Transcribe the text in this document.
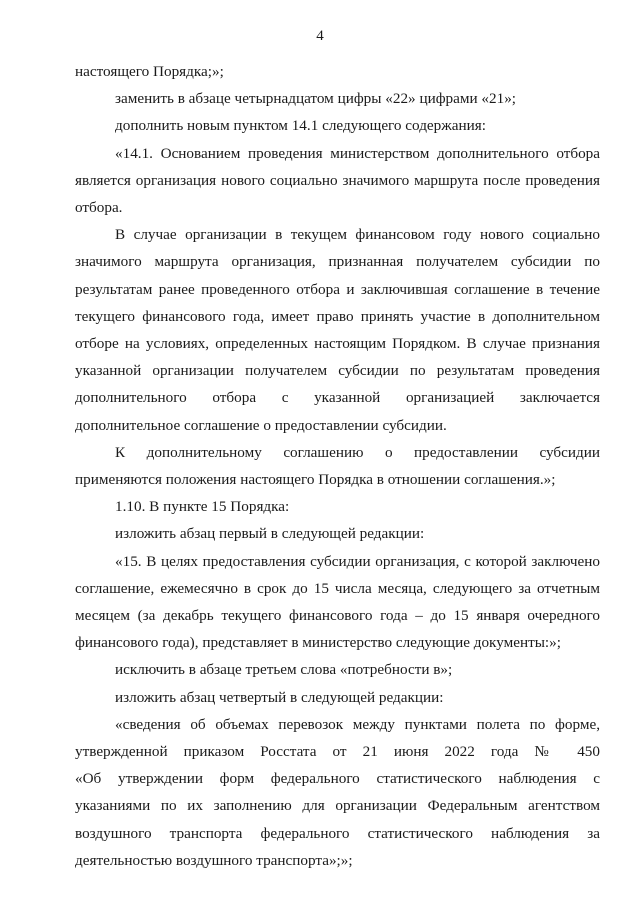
4

настоящего Порядка;»;

заменить в абзаце четырнадцатом цифры «22» цифрами «21»;

дополнить новым пунктом 14.1 следующего содержания:

«14.1. Основанием проведения министерством дополнительного отбора

является организация нового социально значимого маршрута после проведения

отбора.

В случае организации в текущем финансовом году нового социально

значимого маршрута организация, признанная получателем субсидии по

результатам ранее проведенного отбора и заключившая соглашение в течение

текущего финансового года, имеет право принять участие в дополнительном

отборе на условиях, определенных настоящим Порядком. В случае признания

указанной организации получателем субсидии по результатам проведения

дополнительного отбора с указанной организацией заключается

дополнительное соглашение о предоставлении субсидии.

К дополнительному соглашению о предоставлении субсидии

применяются положения настоящего Порядка в отношении соглашения.»;

1.10. В пункте 15 Порядка:

изложить абзац первый в следующей редакции:

«15. В целях предоставления субсидии организация, с которой заключено

соглашение, ежемесячно в срок до 15 числа месяца, следующего за отчетным

месяцем (за декабрь текущего финансового года – до 15 января очередного

финансового года), представляет в министерство следующие документы:»;

исключить в абзаце третьем слова «потребности в»;

изложить абзац четвертый в следующей редакции:

«сведения об объемах перевозок между пунктами полета по форме,

утвержденной приказом Росстата от 21 июня 2022 года № 450

«Об утверждении форм федерального статистического наблюдения с

указаниями по их заполнению для организации Федеральным агентством

воздушного транспорта федерального статистического наблюдения за

деятельностью воздушного транспорта»;»;
